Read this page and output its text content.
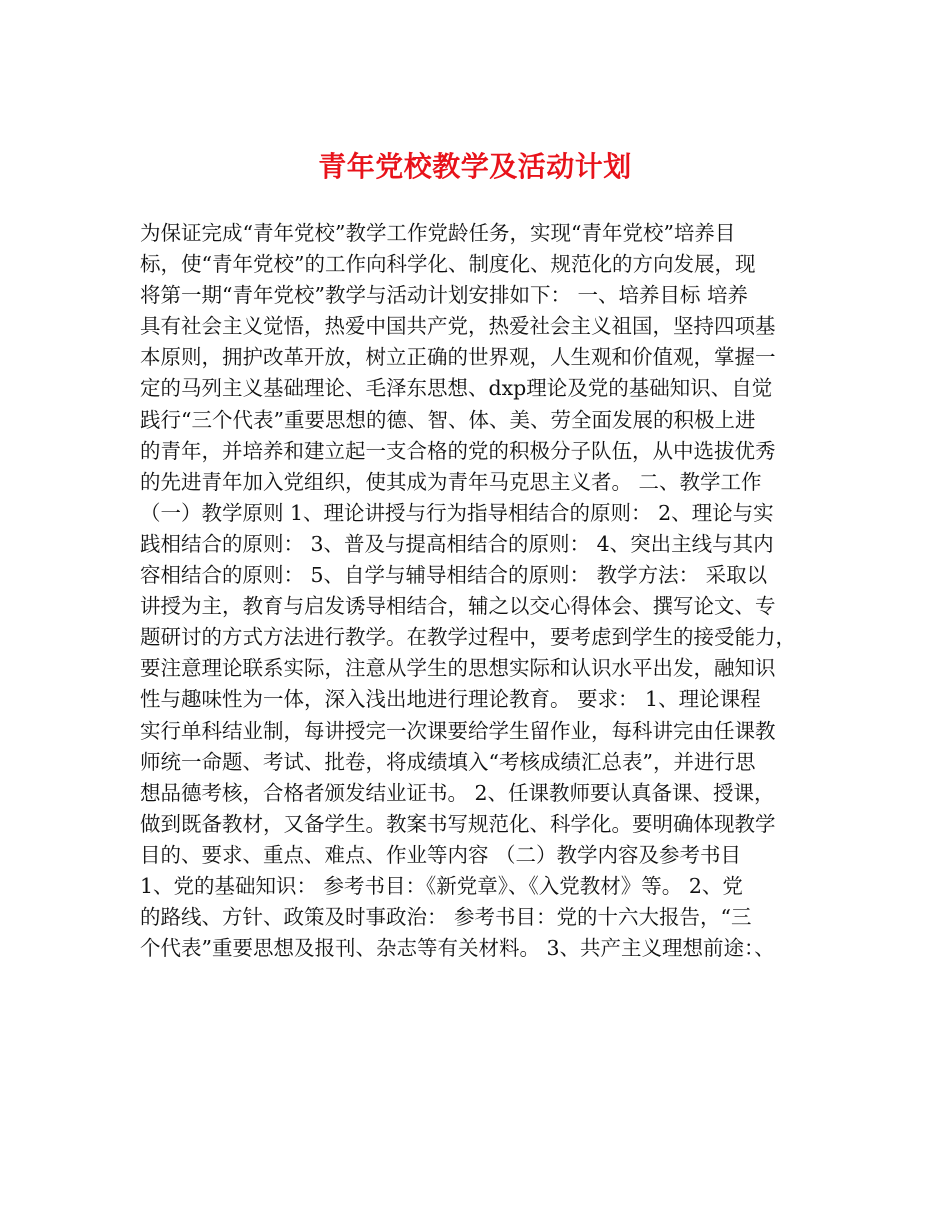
青年党校教学及活动计划
为保证完成“青年党校”教学工作党龄任务，实现“青年党校”培养目
标，使“青年党校”的工作向科学化、制度化、规范化的方向发展，现
将第一期“青年党校”教学与活动计划安排如下： 一、培养目标 培养
具有社会主义觉悟，热爱中国共产党，热爱社会主义祖国，坚持四项基
本原则，拥护改革开放，树立正确的世界观，人生观和价值观，掌握一
定的马列主义基础理论、毛泽东思想、dxp理论及党的基础知识、自觉
践行“三个代表”重要思想的德、智、体、美、劳全面发展的积极上进
的青年，并培养和建立起一支合格的党的积极分子队伍，从中选拔优秀
的先进青年加入党组织，使其成为青年马克思主义者。 二、教学工作
（一）教学原则 1、理论讲授与行为指导相结合的原则： 2、理论与实
践相结合的原则： 3、普及与提高相结合的原则： 4、突出主线与其内
容相结合的原则： 5、自学与辅导相结合的原则： 教学方法： 采取以
讲授为主，教育与启发诱导相结合，辅之以交心得体会、撰写论文、专
题研讨的方式方法进行教学。在教学过程中，要考虑到学生的接受能力，
要注意理论联系实际，注意从学生的思想实际和认识水平出发，融知识
性与趣味性为一体，深入浅出地进行理论教育。 要求： 1、理论课程
实行单科结业制，每讲授完一次课要给学生留作业，每科讲完由任课教
师统一命题、考试、批卷，将成绩填入“考核成绩汇总表”，并进行思
想品德考核，合格者颁发结业证书。 2、任课教师要认真备课、授课，
做到既备教材，又备学生。教案书写规范化、科学化。要明确体现教学
目的、要求、重点、难点、作业等内容 （二）教学内容及参考书目
1、党的基础知识： 参考书目：《新党章》、《入党教材》等。 2、党
的路线、方针、政策及时事政治： 参考书目：党的十六大报告，“三
个代表”重要思想及报刊、杂志等有关材料。 3、共产主义理想前途：、
